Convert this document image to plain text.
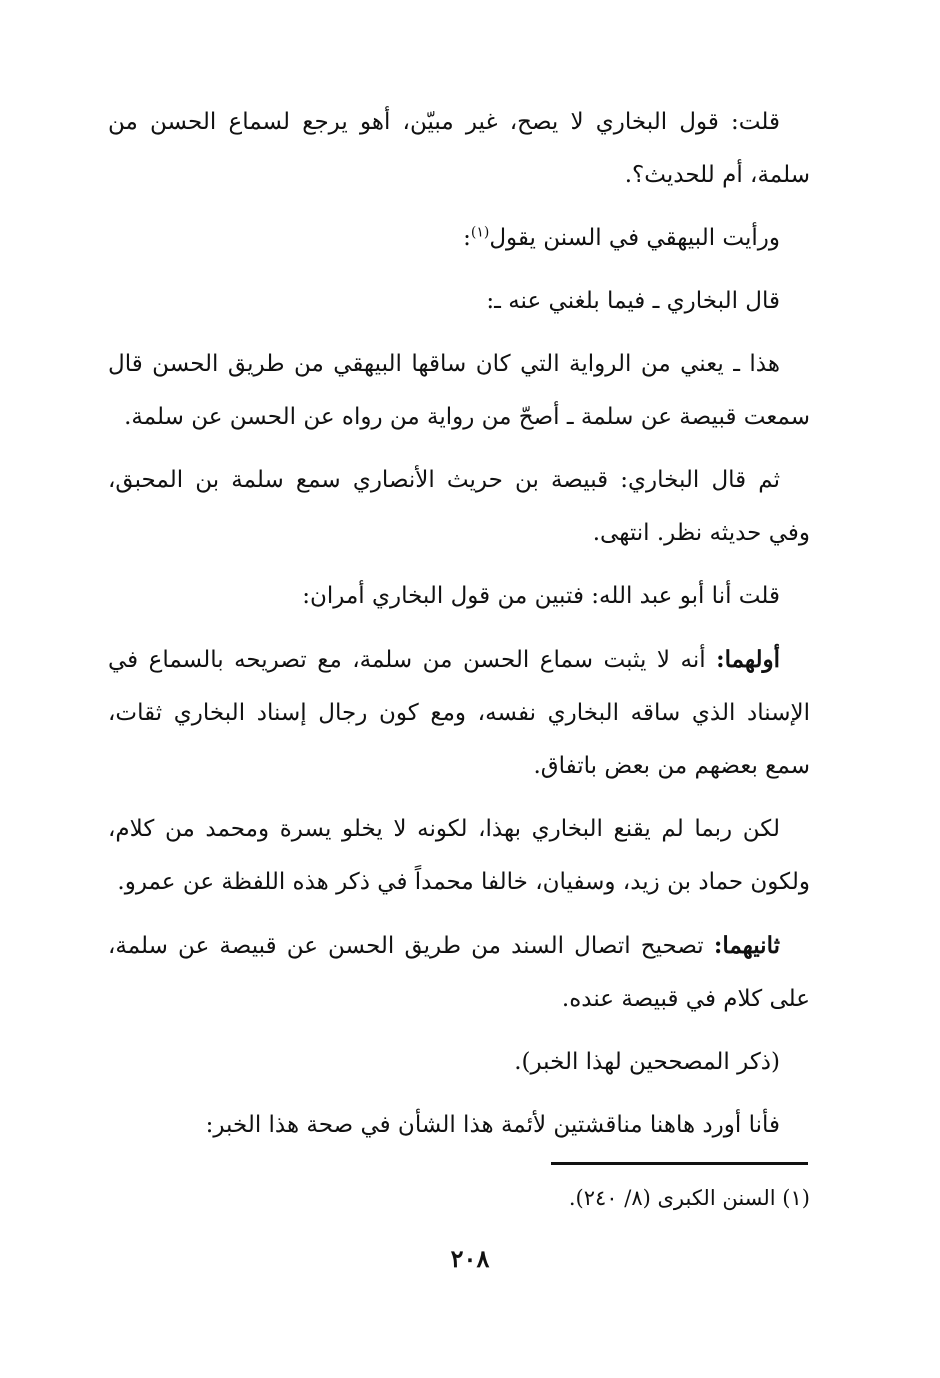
قلت: قول البخاري لا يصح، غير مبيّن، أهو يرجع لسماع الحسن من سلمة، أم للحديث؟.

ورأيت البيهقي في السنن يقول$^{(١)}$:

قال البخاري ـ فيما بلغني عنه ـ:

هذا ـ يعني من الرواية التي كان ساقها البيهقي من طريق الحسن قال سمعت قبيصة عن سلمة ـ أصحّ من رواية من رواه عن الحسن عن سلمة.

ثم قال البخاري: قبيصة بن حريث الأنصاري سمع سلمة بن المحبق، وفي حديثه نظر. انتهى.

قلت أنا أبو عبد الله: فتبين من قول البخاري أمران:

أولهما: أنه لا يثبت سماع الحسن من سلمة، مع تصريحه بالسماع في الإسناد الذي ساقه البخاري نفسه، ومع كون رجال إسناد البخاري ثقات، سمع بعضهم من بعض باتفاق.

لكن ربما لم يقنع البخاري بهذا، لكونه لا يخلو يسرة ومحمد من كلام، ولكون حماد بن زيد، وسفيان، خالفا محمداً في ذكر هذه اللفظة عن عمرو.

ثانيهما: تصحيح اتصال السند من طريق الحسن عن قبيصة عن سلمة، على كلام في قبيصة عنده.

(ذكر المصححين لهذا الخبر).

فأنا أورد هاهنا مناقشتين لأئمة هذا الشأن في صحة هذا الخبر:

(١) السنن الكبرى (٨/ ٢٤٠).
٢٠٨
